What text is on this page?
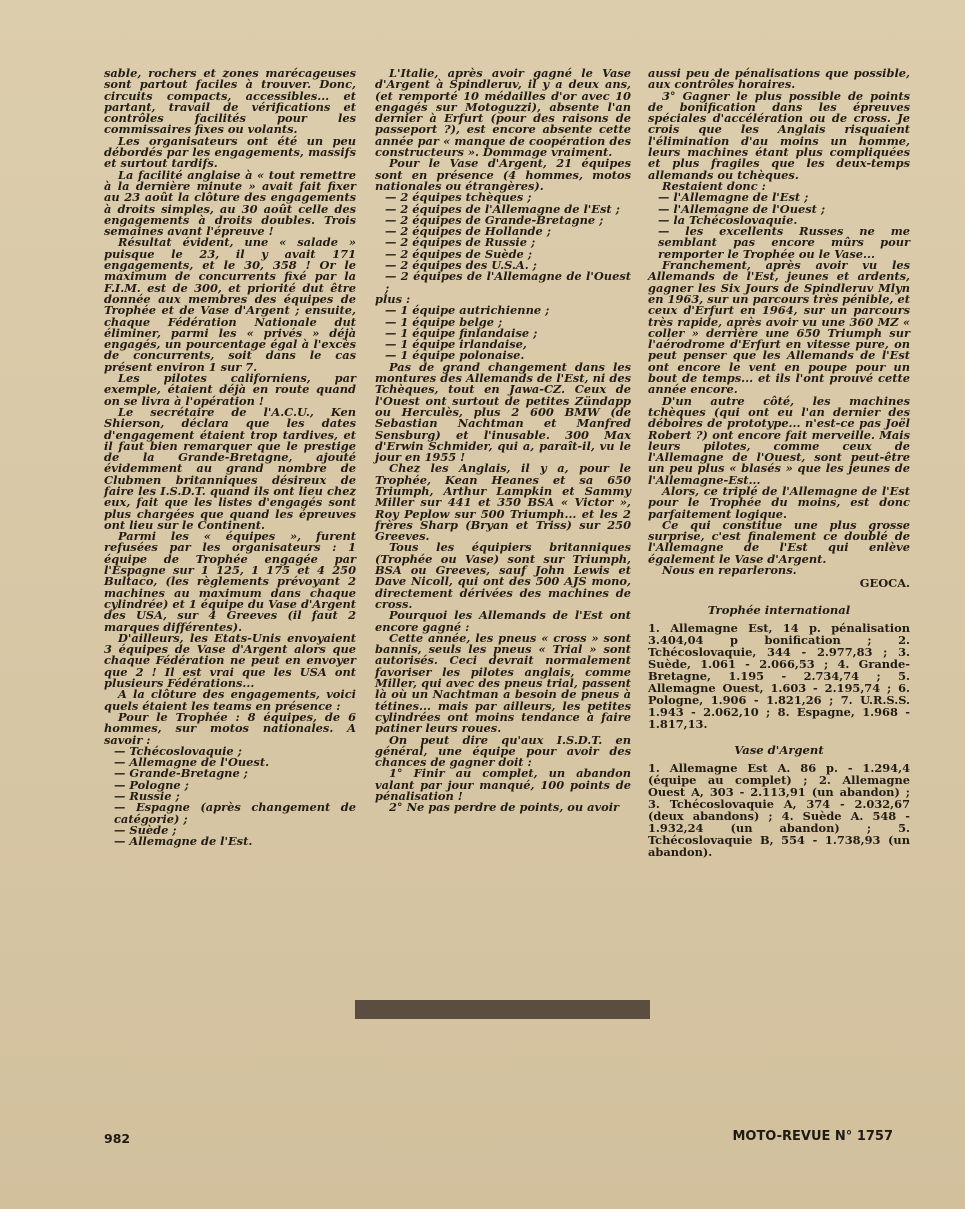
sable, rochers et zones marécageuses sont partout faciles à trouver. Donc, circuits compacts, accessibles... et partant, travail de vérifications et contrôles facilités pour les commissaires fixes ou volants.

Les organisateurs ont été un peu débordés par les engagements, massifs et surtout tardifs.

La facilité anglaise à « tout remettre à la dernière minute » avait fait fixer au 23 août la clôture des engagements à droits simples, au 30 août celle des engagements à droits doubles. Trois semaines avant l'épreuve !

Résultat évident, une « salade » puisque le 23, il y avait 171 engagements, et le 30, 358 ! Or le maximum de concurrents fixé par la F.I.M. est de 300, et priorité dut être donnée aux membres des équipes de Trophée et de Vase d'Argent ; ensuite, chaque Fédération Nationale dut éliminer, parmi les « privés » déjà engagés, un pourcentage égal à l'excès de concurrents, soit dans le cas présent environ 1 sur 7.

Les pilotes californiens, par exemple, étaient déjà en route quand on se livra à l'opération !

Le secrétaire de l'A.C.U., Ken Shierson, déclara que les dates d'engagement étaient trop tardives, et il faut bien remarquer que le prestige de la Grande-Bretagne, ajouté évidemment au grand nombre de Clubmen britanniques désireux de faire les I.S.D.T. quand ils ont lieu chez eux, fait que les listes d'engagés sont plus chargées que quand les épreuves ont lieu sur le Continent.

Parmi les « équipes », furent refusées par les organisateurs : 1 équipe de Trophée engagée par l'Espagne sur 1 125, 1 175 et 4 250 Bultaco, (les règlements prévoyant 2 machines au maximum dans chaque cylindrée) et 1 équipe du Vase d'Argent des USA, sur 4 Greeves (il faut 2 marques différentes).

D'ailleurs, les Etats-Unis envoyaient 3 équipes de Vase d'Argent alors que chaque Fédération ne peut en envoyer que 2 ! Il est vrai que les USA ont plusieurs Fédérations...

A la clôture des engagements, voici quels étaient les teams en présence :

Pour le Trophée : 8 équipes, de 6 hommes, sur motos nationales. A savoir :

— Tchécoslovaquie ;
— Allemagne de l'Ouest.
— Grande-Bretagne ;
— Pologne ;
— Russie ;
— Espagne (après changement de catégorie) ;
— Suède ;
— Allemagne de l'Est.

L'Italie, après avoir gagné le Vase d'Argent à Spindleruv, il y a deux ans, (et remporté 10 médailles d'or avec 10 engagés sur Motoguzzi), absente l'an dernier à Erfurt (pour des raisons de passeport ?), est encore absente cette année par « manque de coopération des constructeurs ». Dommage vraiment.

Pour le Vase d'Argent, 21 équipes sont en présence (4 hommes, motos nationales ou étrangères).

— 2 équipes tchèques ;
— 2 équipes de l'Allemagne de l'Est ;
— 2 équipes de Grande-Bretagne ;
— 2 équipes de Hollande ;
— 2 équipes de Russie ;
— 2 équipes de Suède ;
— 2 équipes des U.S.A. ;
— 2 équipes de l'Allemagne de l'Ouest ;

plus :

— 1 équipe autrichienne ;
— 1 équipe belge ;
— 1 équipe finlandaise ;
— 1 équipe irlandaise,
— 1 équipe polonaise.

Pas de grand changement dans les montures des Allemands de l'Est, ni des Tchèques, tout en Jawa-CZ. Ceux de l'Ouest ont surtout de petites Zündapp ou Herculès, plus 2 600 BMW (de Sebastian Nachtman et Manfred Sensburg) et l'inusable. 300 Max d'Erwin Schmider, qui a, paraît-il, vu le jour en 1955 !

Chez les Anglais, il y a, pour le Trophée, Kean Heanes et sa 650 Triumph, Arthur Lampkin et Sammy Miller sur 441 et 350 BSA « Victor », Roy Peplow sur 500 Triumph... et les 2 frères Sharp (Bryan et Triss) sur 250 Greeves.

Tous les équipiers britanniques (Trophée ou Vase) sont sur Triumph, BSA ou Greeves, sauf John Lewis et Dave Nicoll, qui ont des 500 AJS mono, directement dérivées des machines de cross.

Pourquoi les Allemands de l'Est ont encore gagné :

Cette année, les pneus « cross » sont bannis, seuls les pneus « Trial » sont autorisés. Ceci devrait normalement favoriser les pilotes anglais, comme Miller, qui avec des pneus trial, passent là où un Nachtman a besoin de pneus à tétines... mais par ailleurs, les petites cylindrées ont moins tendance à faire patiner leurs roues.

On peut dire qu'aux I.S.D.T. en général, une équipe pour avoir des chances de gagner doit :

1° Finir au complet, un abandon valant par jour manqué, 100 points de pénalisation !

2° Ne pas perdre de points, ou avoir

aussi peu de pénalisations que possible, aux contrôles horaires.

3° Gagner le plus possible de points de bonification dans les épreuves spéciales d'accélération ou de cross. Je crois que les Anglais risquaient l'élimination d'au moins un homme, leurs machines étant plus compliquées et plus fragiles que les deux-temps allemands ou tchèques.

Restaient donc :

— l'Allemagne de l'Est ;
— l'Allemagne de l'Ouest ;
— la Tchécoslovaquie.
— les excellents Russes ne me semblant pas encore mûrs pour remporter le Trophée ou le Vase...

Franchement, après avoir vu les Allemands de l'Est, jeunes et ardents, gagner les Six Jours de Spindleruv Mlyn en 1963, sur un parcours très pénible, et ceux d'Erfurt en 1964, sur un parcours très rapide, après avoir vu une 360 MZ « coller » derrière une 650 Triumph sur l'aérodrome d'Erfurt en vitesse pure, on peut penser que les Allemands de l'Est ont encore le vent en poupe pour un bout de temps... et ils l'ont prouvé cette année encore.

D'un autre côté, les machines tchèques (qui ont eu l'an dernier des déboires de prototype... n'est-ce pas Joël Robert ?) ont encore fait merveille. Mais leurs pilotes, comme ceux de l'Allemagne de l'Ouest, sont peut-être un peu plus « blasés » que les jeunes de l'Allemagne-Est...

Alors, ce triplé de l'Allemagne de l'Est pour le Trophée du moins, est donc parfaitement logique.

Ce qui constitue une plus grosse surprise, c'est finalement ce doublé de l'Allemagne de l'Est qui enlève également le Vase d'Argent.

Nous en reparlerons.

GEOCA.
Trophée international

1. Allemagne Est, 14 p. pénalisation 3.404,04 p bonification ; 2. Tchécoslovaquie, 344 - 2.977,83 ; 3. Suède, 1.061 - 2.066,53 ; 4. Grande-Bretagne, 1.195 - 2.734,74 ; 5. Allemagne Ouest, 1.603 - 2.195,74 ; 6. Pologne, 1.906 - 1.821,26 ; 7. U.R.S.S. 1.943 - 2.062,10 ; 8. Espagne, 1.968 - 1.817,13.

Vase d'Argent

1. Allemagne Est A. 86 p. - 1.294,4 (équipe au complet) ; 2. Allemagne Ouest A, 303 - 2.113,91 (un abandon) ; 3. Tchécoslovaquie A, 374 - 2.032,67 (deux abandons) ; 4. Suède A. 548 - 1.932,24 (un abandon) ; 5. Tchécoslovaquie B, 554 - 1.738,93 (un abandon).

982	MOTO-REVUE N° 1757
